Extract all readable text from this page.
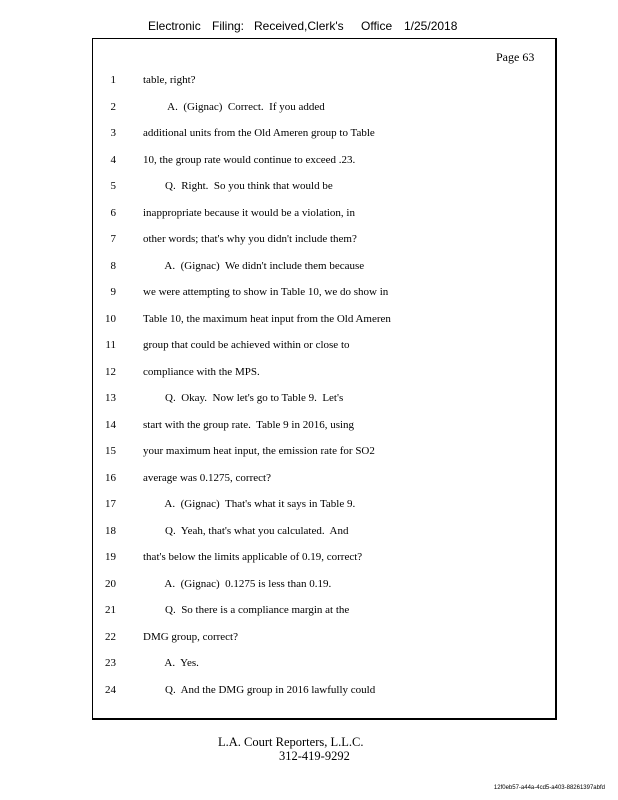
Electronic Filing: Received,Clerk's Office 1/25/2018
Page 63
1 table, right?
2 A.  (Gignac)  Correct.  If you added
3 additional units from the Old Ameren group to Table
4 10, the group rate would continue to exceed .23.
5 Q.  Right.  So you think that would be
6 inappropriate because it would be a violation, in
7 other words; that's why you didn't include them?
8 A.  (Gignac)  We didn't include them because
9 we were attempting to show in Table 10, we do show in
10 Table 10, the maximum heat input from the Old Ameren
11 group that could be achieved within or close to
12 compliance with the MPS.
13 Q.  Okay.  Now let's go to Table 9.  Let's
14 start with the group rate.  Table 9 in 2016, using
15 your maximum heat input, the emission rate for SO2
16 average was 0.1275, correct?
17 A.  (Gignac)  That's what it says in Table 9.
18 Q.  Yeah, that's what you calculated.  And
19 that's below the limits applicable of 0.19, correct?
20 A.  (Gignac)  0.1275 is less than 0.19.
21 Q.  So there is a compliance margin at the
22 DMG group, correct?
23 A.  Yes.
24 Q.  And the DMG group in 2016 lawfully could
L.A. Court Reporters, L.L.C.
312-419-9292
12f0eb57-a44a-4cd5-a403-88261397abfd
